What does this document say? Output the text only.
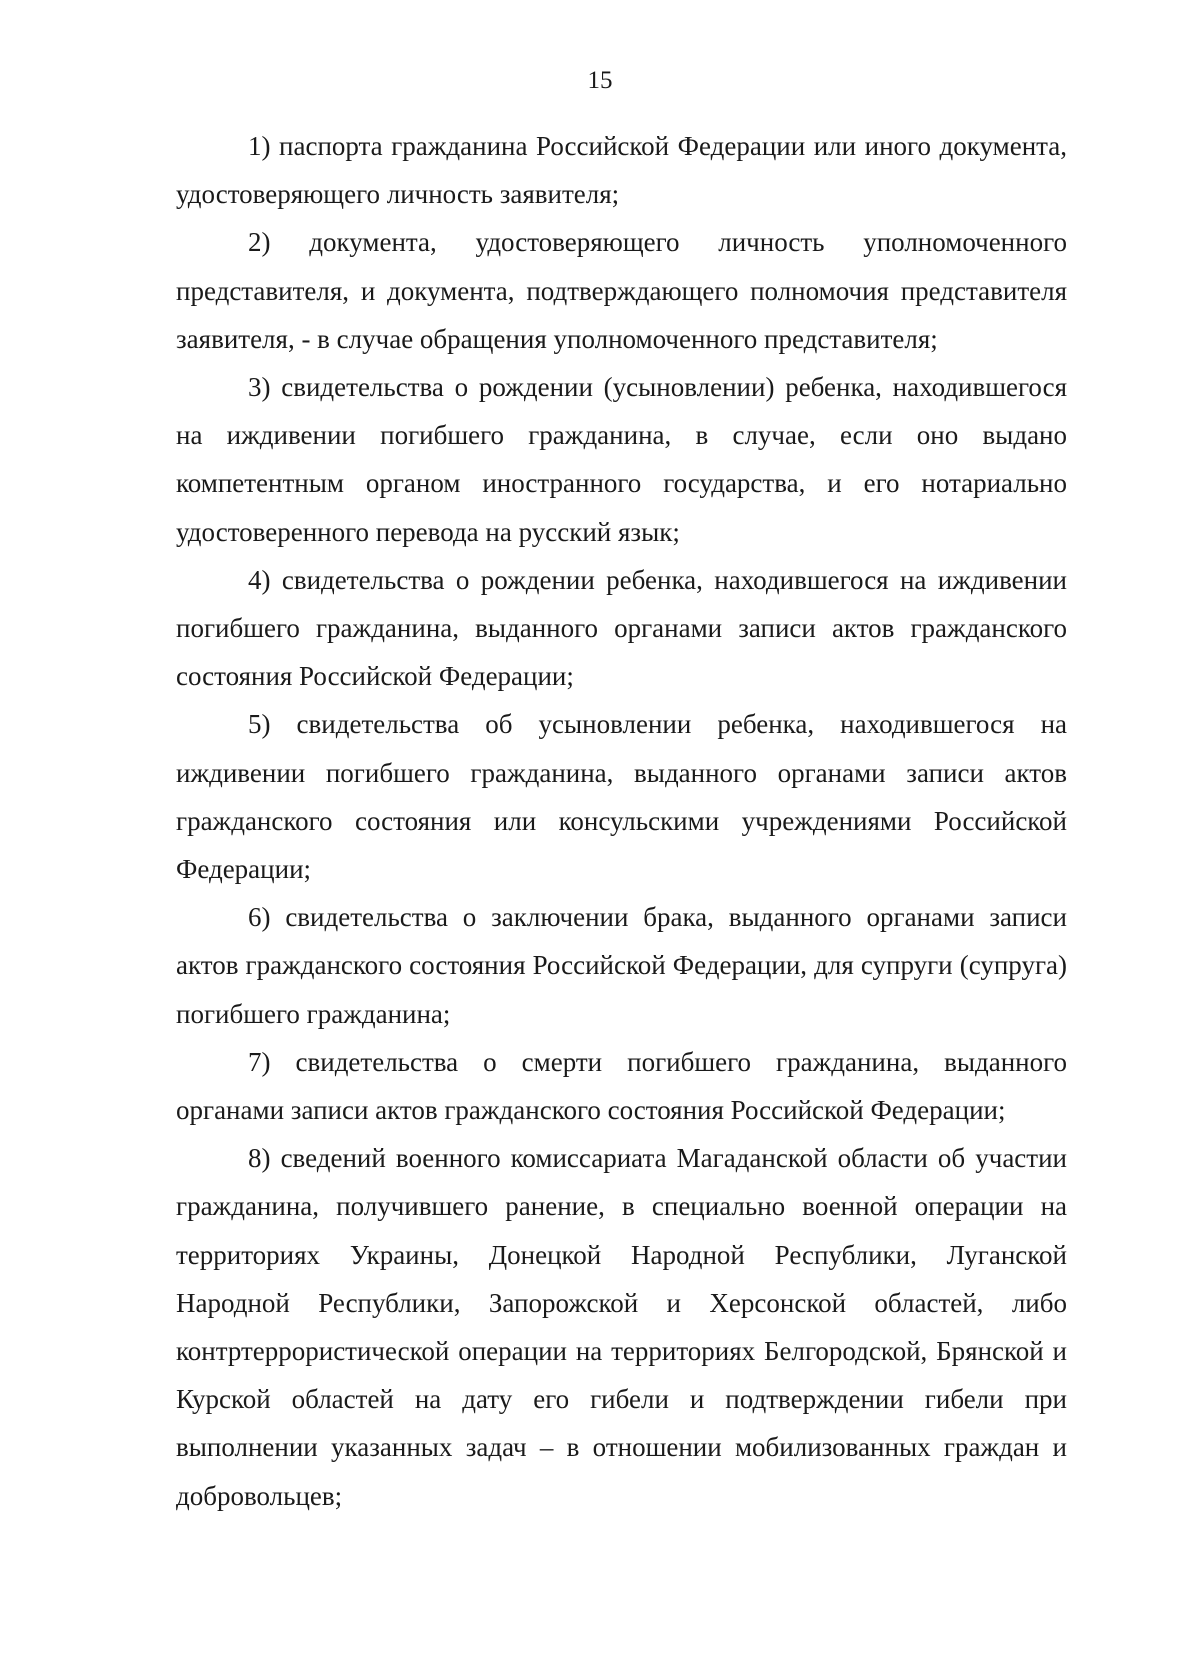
15

1) паспорта гражданина Российской Федерации или иного документа, удостоверяющего личность заявителя;

2) документа, удостоверяющего личность уполномоченного представителя, и документа, подтверждающего полномочия представителя заявителя, - в случае обращения уполномоченного представителя;

3) свидетельства о рождении (усыновлении) ребенка, находившегося на иждивении погибшего гражданина, в случае, если оно выдано компетентным органом иностранного государства, и его нотариально удостоверенного перевода на русский язык;

4) свидетельства о рождении ребенка, находившегося на иждивении погибшего гражданина, выданного органами записи актов гражданского состояния Российской Федерации;

5) свидетельства об усыновлении ребенка, находившегося на иждивении погибшего гражданина, выданного органами записи актов гражданского состояния или консульскими учреждениями Российской Федерации;

6) свидетельства о заключении брака, выданного органами записи актов гражданского состояния Российской Федерации, для супруги (супруга) погибшего гражданина;

7) свидетельства о смерти погибшего гражданина, выданного органами записи актов гражданского состояния Российской Федерации;

8) сведений военного комиссариата Магаданской области об участии гражданина, получившего ранение, в специально военной операции на территориях Украины, Донецкой Народной Республики, Луганской Народной Республики, Запорожской и Херсонской областей, либо контртеррористической операции на территориях Белгородской, Брянской и Курской областей на дату его гибели и подтверждении гибели при выполнении указанных задач – в отношении мобилизованных граждан и добровольцев;
